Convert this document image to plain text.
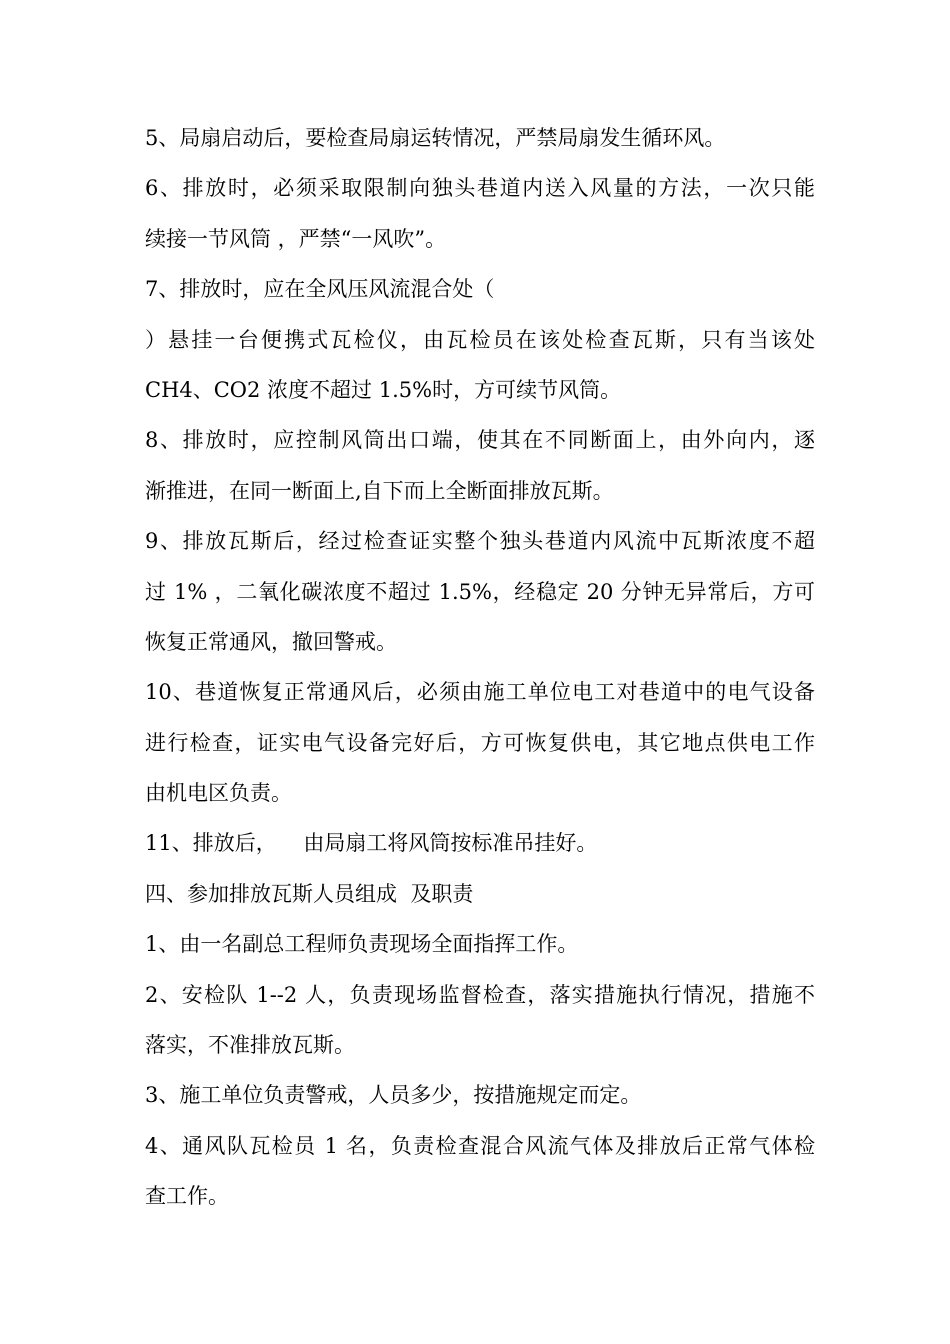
5、局扇启动后，要检查局扇运转情况，严禁局扇发生循环风。
6、排放时，必须采取限制向独头巷道内送入风量的方法，一次只能
续接一节风筒 ，严禁“一风吹”。
7、排放时，应在全风压风流混合处（
）悬挂一台便携式瓦检仪，由瓦检员在该处检查瓦斯，只有当该处
CH4、CO2 浓度不超过 1.5%时，方可续节风筒。
8、排放时，应控制风筒出口端，使其在不同断面上，由外向内，逐
渐推进，在同一断面上,自下而上全断面排放瓦斯。
9、排放瓦斯后，经过检查证实整个独头巷道内风流中瓦斯浓度不超
过 1% ，二氧化碳浓度不超过 1.5%，经稳定 20 分钟无异常后，方可
恢复正常通风，撤回警戒。
10、巷道恢复正常通风后，必须由施工单位电工对巷道中的电气设备
进行检查，证实电气设备完好后，方可恢复供电，其它地点供电工作
由机电区负责。
11、排放后，    由局扇工将风筒按标准吊挂好。
四、参加排放瓦斯人员组成  及职责
1、由一名副总工程师负责现场全面指挥工作。
2、安检队 1--2 人，负责现场监督检查，落实措施执行情况，措施不
落实，不准排放瓦斯。
3、施工单位负责警戒，人员多少，按措施规定而定。
4、通风队瓦检员 1 名，负责检查混合风流气体及排放后正常气体检
查工作。
